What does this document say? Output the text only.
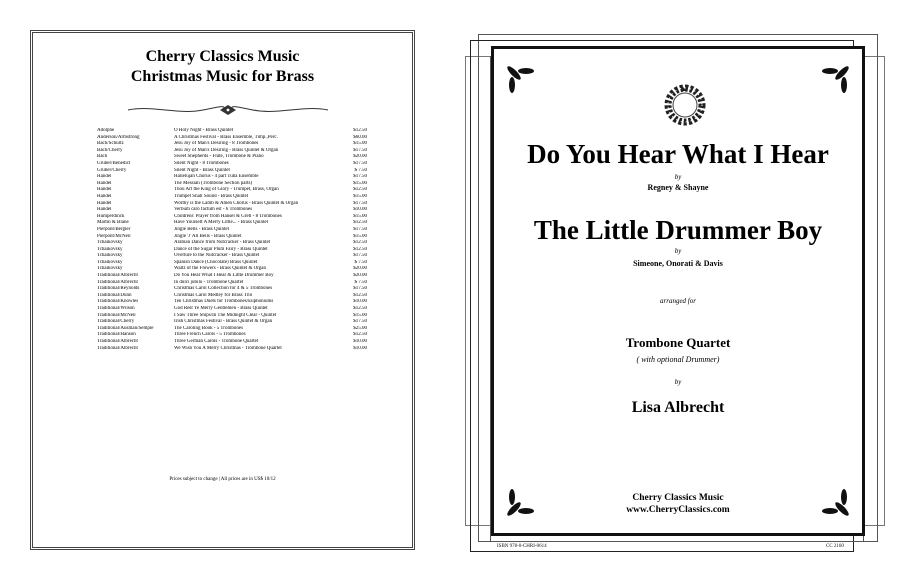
Cherry Classics Music
Christmas Music for Brass
Adolphe	O Holy Night - Brass Quintet	$12.50
Anderson/Armstrong	A Christmas Festival - Brass Ensemble, Timp.,Perc.	$60.00
Bach/Schultz	Jesu Joy of Man's Desiring - 8 Trombones	$15.00
Bach/Cherry	Jesu Joy of Man's Desiring - Brass Quintet & Organ	$17.50
Bach	Sweet Shepherds - Flute, Trombone & Piano	$20.00
Gruber/Benedict	Silent Night - 8 Trombones	$17.50
Gruber/Cherry	Silent Night - Brass Quintet	$ 7.50
Handel	Hallelujah Chorus - 4 part Tuba Ensemble	$17.50
Handel	The Messiah (Trombone Section parts)	$15.00
Handel	Thou Art the King of Glory - Trumpet, Brass, Organ	$12.50
Handel	Trumpet Shall Sound - Brass Quintet	$15.00
Handel	Worthy is the Lamb & Amen Chorus - Brass Quintet & Organ	$17.50
Handel	Verbum caro factum est - 6 Trombones	$10.00
Humperdinck	Childrens' Prayer from Hansel & Gretl - 8 Trombones	$15.00
Martin & Blane	Have Yourself A Merry Little... - Brass Quintet	$12.50
Pierpont/Bergler	Jingle Bells - Brass Quintet	$17.50
Pierpont/McNeil	Jingle 'J' All Bells - Brass Quintet	$15.00
Tchaikovsky	Arabian Dance from Nutcracker - Brass Quintet	$12.50
Tchaikovsky	Dance of the Sugar Plum Fairy - Brass Quintet	$12.50
Tchaikovsky	Overture to the Nutcracker - Brass Quintet	$17.50
Tchaikovsky	Spanish Dance (Chocolate) Brass Quintet	$ 7.50
Tchaikovsky	Waltz of the Flowers - Brass Quintet & Organ	$20.00
Traditional/Albrecht	Do You Hear What I Hear & Little Drummer Boy	$20.00
Traditional/Albrecht	In dulci jubilo - Trombone Quartet	$ 7.50
Traditional/Reynolds	Christmas Carol Collection for 4 & 5 Trombones	$17.50
Traditional/Dunn	Christmas Carol Medley for Brass Trio	$12.50
Traditional/Knowles	Ten Christmas Duets for Trombones/Euphoniums	$10.00
Traditional/Wilson	God Rest Ye Merry Gentlemen - Brass Quintet	$12.50
Traditional/McNeil	I Saw Three Ships/In The Midnight Clear - Quintet	$15.00
Traditional/Cherry	Irish Christmas Festival - Brass Quintet & Organ	$17.50
Traditional/Ausman/Semple	The Caroling Book - 5 Trombones	$25.00
Traditional/Hanson	Three French Carols - 5 Trombones	$12.50
Traditional/Albrecht	Three German Carols - Trombone Quartet	$10.00
Traditional/Albrecht	We Wish You A Merry Christmas - Trombone Quartet	$10.00
Prices subject to change | All prices are in US$ 10/12
Do You Hear What I Hear
by
Regney & Shayne
The Little Drummer Boy
by
Simeone, Onorati & Davis
arranged for
Trombone Quartet
( with optional Drummer)
by
Lisa Albrecht
Cherry Classics Music
www.CherryClassics.com
ISBN 978-0-CHRI-0614	CC 2160
